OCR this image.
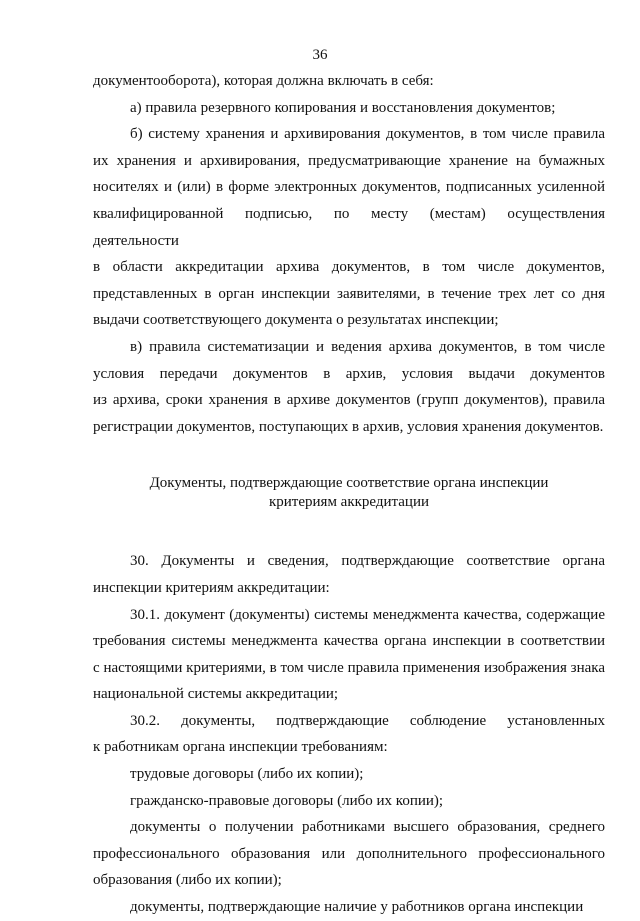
36
документооборота), которая должна включать в себя:
а) правила резервного копирования и восстановления документов;
б) систему хранения и архивирования документов, в том числе правила
их хранения и архивирования, предусматривающие хранение на бумажных
носителях и (или) в форме электронных документов, подписанных усиленной
квалифицированной подписью, по месту (местам) осуществления деятельности
в области аккредитации архива документов, в том числе документов,
представленных в орган инспекции заявителями, в течение трех лет со дня
выдачи соответствующего документа о результатах инспекции;
в) правила систематизации и ведения архива документов, в том числе
условия передачи документов в архив, условия выдачи документов
из архива, сроки хранения в архиве документов (групп документов), правила
регистрации документов, поступающих в архив, условия хранения документов.

Документы, подтверждающие соответствие органа инспекции
критериям аккредитации

30. Документы и сведения, подтверждающие соответствие органа
инспекции критериям аккредитации:
30.1. документ (документы) системы менеджмента качества, содержащие
требования системы менеджмента качества органа инспекции в соответствии
с настоящими критериями, в том числе правила применения изображения знака
национальной системы аккредитации;
30.2. документы, подтверждающие соблюдение установленных
к работникам органа инспекции требованиям:
трудовые договоры (либо их копии);
гражданско-правовые договоры (либо их копии);
документы о получении работниками высшего образования, среднего
профессионального образования или дополнительного профессионального
образования (либо их копии);
документы, подтверждающие наличие у работников органа инспекции
